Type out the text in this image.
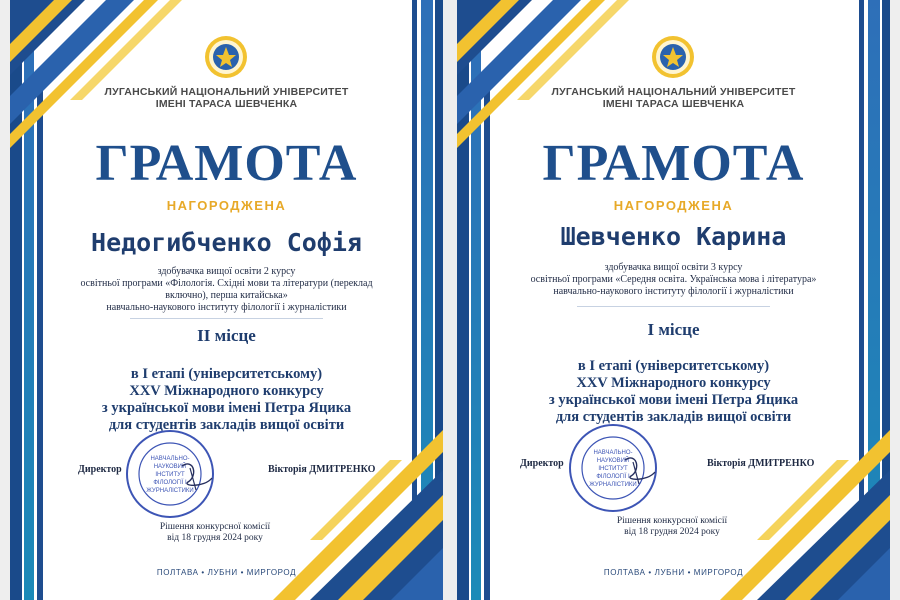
ЛУГАНСЬКИЙ НАЦІОНАЛЬНИЙ УНІВЕРСИТЕТ
ІМЕНІ ТАРАСА ШЕВЧЕНКА
ГРАМОТА
НАГОРОДЖЕНА
Недогибченко Софія
здобувачка вищої освіти 2 курсу
освітньої програми «Філологія. Східні мови та літератури (переклад
включно), перша китайська»
навчально-наукового інституту філології і журналістики
ІІ місце
в І етапі (університетському)
XXV Міжнародного конкурсу
з української мови імені Петра Яцика
для студентів закладів вищої освіти
Директор
НАВЧАЛЬНО-
НАУКОВИЙ
ІНСТИТУТ
ФІЛОЛОГІЇ І
ЖУРНАЛІСТИКИ
Вікторія ДМИТРЕНКО
Рішення конкурсної комісії
від 18 грудня 2024 року
ПОЛТАВА • ЛУБНИ • МИРГОРОД
ЛУГАНСЬКИЙ НАЦІОНАЛЬНИЙ УНІВЕРСИТЕТ
ІМЕНІ ТАРАСА ШЕВЧЕНКА
ГРАМОТА
НАГОРОДЖЕНА
Шевченко Карина
здобувачка вищої освіти 3 курсу
освітньої програми «Середня освіта. Українська мова і література»
навчально-наукового інституту філології і журналістики
І місце
в І етапі (університетському)
XXV Міжнародного конкурсу
з української мови імені Петра Яцика
для студентів закладів вищої освіти
Директор
НАВЧАЛЬНО-
НАУКОВИЙ
ІНСТИТУТ
ФІЛОЛОГІЇ І
ЖУРНАЛІСТИКИ
Вікторія ДМИТРЕНКО
Рішення конкурсної комісії
від 18 грудня 2024 року
ПОЛТАВА • ЛУБНИ • МИРГОРОД
